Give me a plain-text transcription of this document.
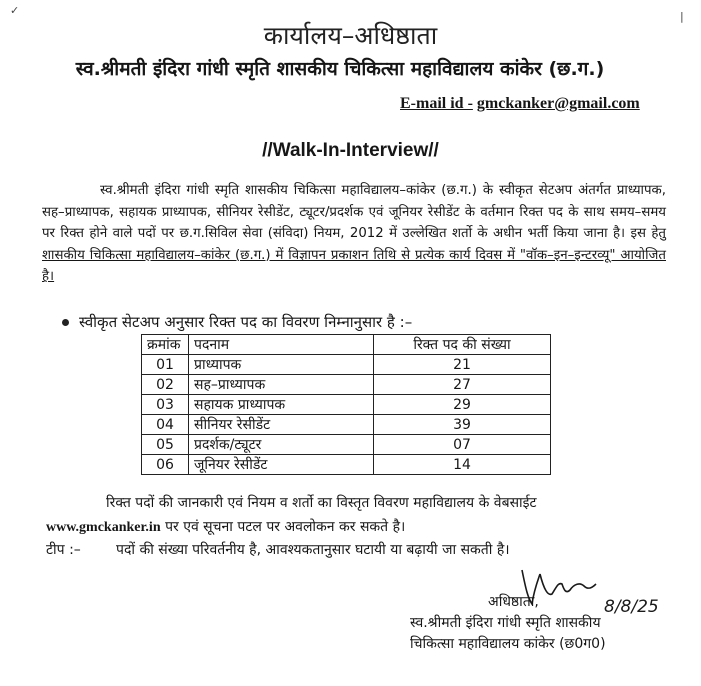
✓	|
कार्यालय–अधिष्ठाता
स्व.श्रीमती इंदिरा गांधी स्मृति शासकीय चिकित्सा महाविद्यालय कांकेर (छ.ग.)
E-mail id - gmckanker@gmail.com
//Walk-In-Interview//
स्व.श्रीमती इंदिरा गांधी स्मृति शासकीय चिकित्सा महाविद्यालय–कांकेर (छ.ग.) के स्वीकृत सेटअप अंतर्गत प्राध्यापक, सह–प्राध्यापक, सहायक प्राध्यापक, सीनियर रेसीडेंट, ट्यूटर/प्रदर्शक एवं जूनियर रेसीडेंट के वर्तमान रिक्त पद के साथ समय–समय पर रिक्त होने वाले पदों पर छ.ग.सिविल सेवा (संविदा) नियम, 2012 में उल्लेखित शर्तो के अधीन भर्ती किया जाना है। इस हेतु शासकीय चिकित्सा महाविद्यालय–कांकेर (छ.ग.) में विज्ञापन प्रकाशन तिथि से प्रत्येक कार्य दिवस में "वॉक–इन–इन्टरव्यू" आयोजित है।
स्वीकृत सेटअप अनुसार रिक्त पद का विवरण निम्नानुसार है :–
क्रमांक	पदनाम	रिक्त पद की संख्या
01	प्राध्यापक	21
02	सह–प्राध्यापक	27
03	सहायक प्राध्यापक	29
04	सीनियर रेसीडेंट	39
05	प्रदर्शक/ट्यूटर	07
06	जूनियर रेसीडेंट	14
रिक्त पदों की जानकारी एवं नियम व शर्तो का विस्तृत विवरण महाविद्यालय के वेबसाईट
www.gmckanker.in पर एवं सूचना पटल पर अवलोकन कर सकते है।
टीप :–	पदों की संख्या परिवर्तनीय है, आवश्यकतानुसार घटायी या बढ़ायी जा सकती है।
8/8/25
अधिष्ठाता,
स्व.श्रीमती इंदिरा गांधी स्मृति शासकीय
चिकित्सा महाविद्यालय कांकेर (छ0ग0)
